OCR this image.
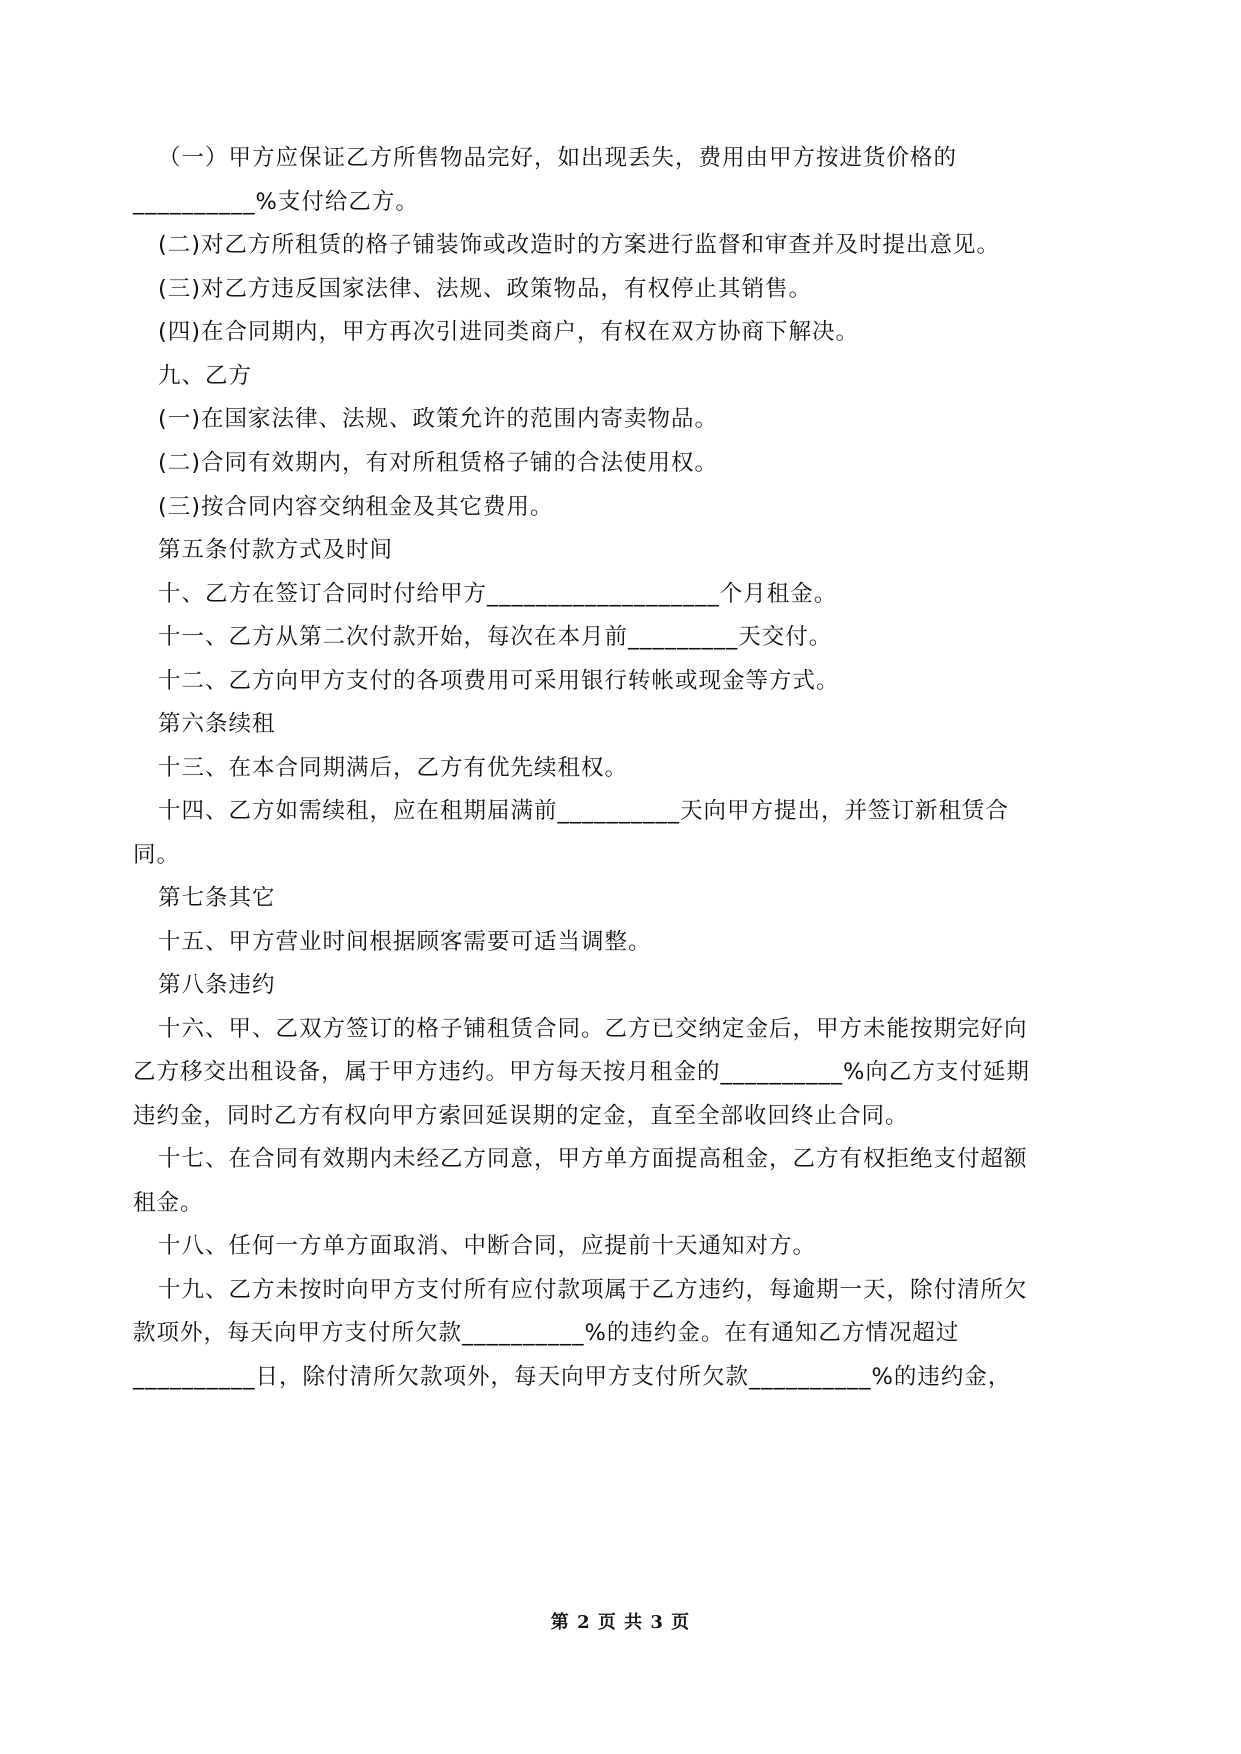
（一）甲方应保证乙方所售物品完好，如出现丢失，费用由甲方按进货价格的
__________%支付给乙方。
(二)对乙方所租赁的格子铺装饰或改造时的方案进行监督和审查并及时提出意见。
(三)对乙方违反国家法律、法规、政策物品，有权停止其销售。
(四)在合同期内，甲方再次引进同类商户，有权在双方协商下解决。
九、乙方
(一)在国家法律、法规、政策允许的范围内寄卖物品。
(二)合同有效期内，有对所租赁格子铺的合法使用权。
(三)按合同内容交纳租金及其它费用。
第五条付款方式及时间
十、乙方在签订合同时付给甲方___________________个月租金。
十一、乙方从第二次付款开始，每次在本月前_________天交付。
十二、乙方向甲方支付的各项费用可采用银行转帐或现金等方式。
第六条续租
十三、在本合同期满后，乙方有优先续租权。
十四、乙方如需续租，应在租期届满前__________天向甲方提出，并签订新租赁合
同。
第七条其它
十五、甲方营业时间根据顾客需要可适当调整。
第八条违约
十六、甲、乙双方签订的格子铺租赁合同。乙方已交纳定金后，甲方未能按期完好向
乙方移交出租设备，属于甲方违约。甲方每天按月租金的__________%向乙方支付延期
违约金，同时乙方有权向甲方索回延误期的定金，直至全部收回终止合同。
十七、在合同有效期内未经乙方同意，甲方单方面提高租金，乙方有权拒绝支付超额
租金。
十八、任何一方单方面取消、中断合同，应提前十天通知对方。
十九、乙方未按时向甲方支付所有应付款项属于乙方违约，每逾期一天，除付清所欠
款项外，每天向甲方支付所欠款__________%的违约金。在有通知乙方情况超过
__________日，除付清所欠款项外，每天向甲方支付所欠款__________%的违约金，
第 2 页 共 3 页
